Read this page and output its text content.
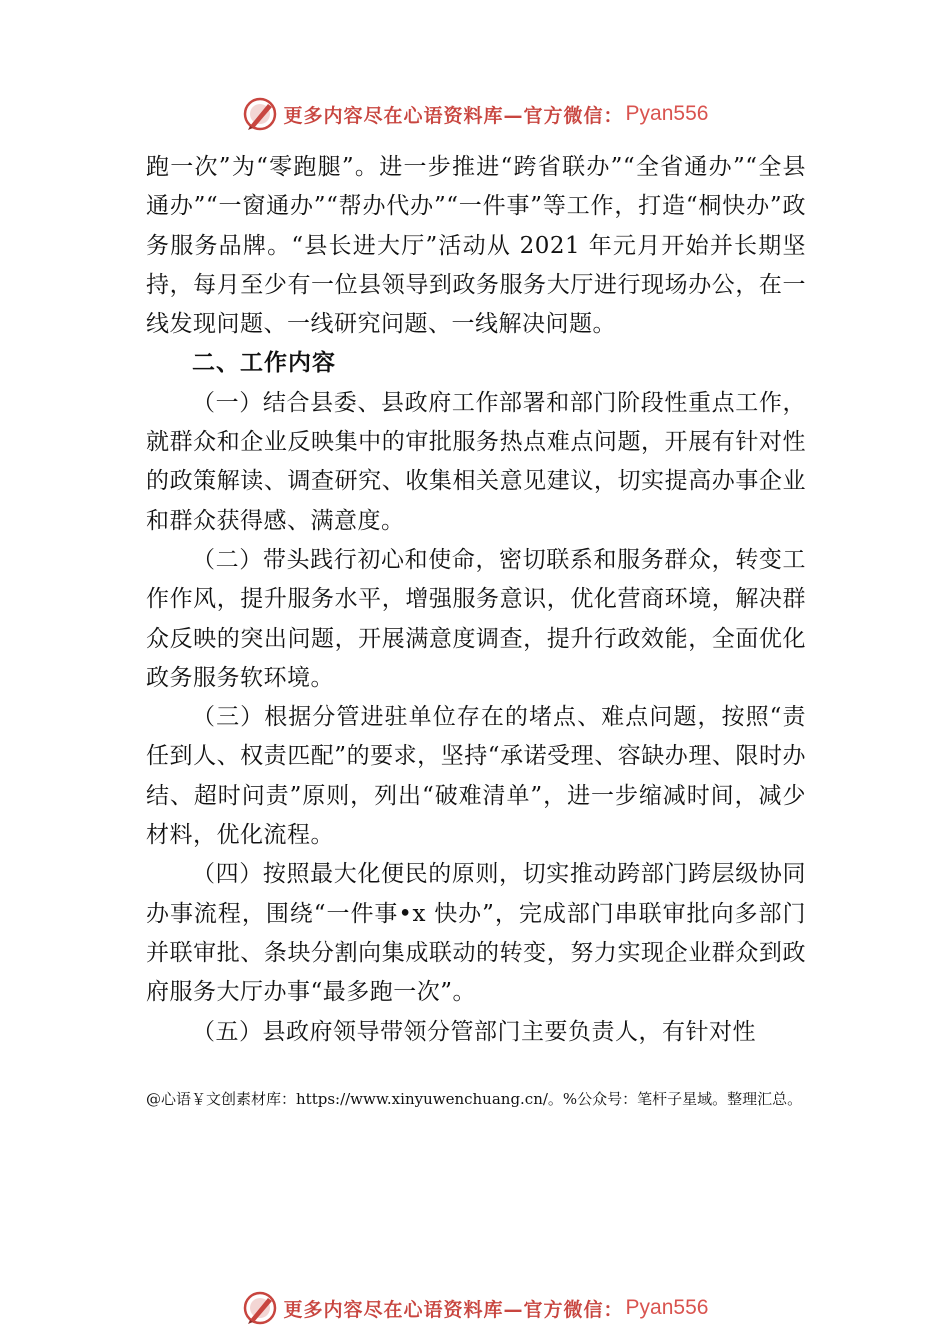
更多内容尽在心语资料库—官方微信： Pyan556

跑一次”为“零跑腿”。进一步推进“跨省联办”“全省通办”“全县通办”“一窗通办”“帮办代办”“一件事”等工作，打造“桐快办”政务服务品牌。“县长进大厅”活动从 2021 年元月开始并长期坚持，每月至少有一位县领导到政务服务大厅进行现场办公，在一线发现问题、一线研究问题、一线解决问题。

二、工作内容

（一）结合县委、县政府工作部署和部门阶段性重点工作，就群众和企业反映集中的审批服务热点难点问题，开展有针对性的政策解读、调查研究、收集相关意见建议，切实提高办事企业和群众获得感、满意度。

（二）带头践行初心和使命，密切联系和服务群众，转变工作作风，提升服务水平，增强服务意识，优化营商环境，解决群众反映的突出问题，开展满意度调查，提升行政效能，全面优化政务服务软环境。

（三）根据分管进驻单位存在的堵点、难点问题，按照“责任到人、权责匹配”的要求，坚持“承诺受理、容缺办理、限时办结、超时问责”原则，列出“破难清单”，进一步缩减时间，减少材料，优化流程。

（四）按照最大化便民的原则，切实推动跨部门跨层级协同办事流程，围绕“一件事•x 快办”，完成部门串联审批向多部门并联审批、条块分割向集成联动的转变，努力实现企业群众到政府服务大厅办事“最多跑一次”。

（五）县政府领导带领分管部门主要负责人，有针对性

@心语￥文创素材库：https://www.xinyuwenchuang.cn/。%公众号：笔杆子星域。整理汇总。
更多内容尽在心语资料库—官方微信： Pyan556
